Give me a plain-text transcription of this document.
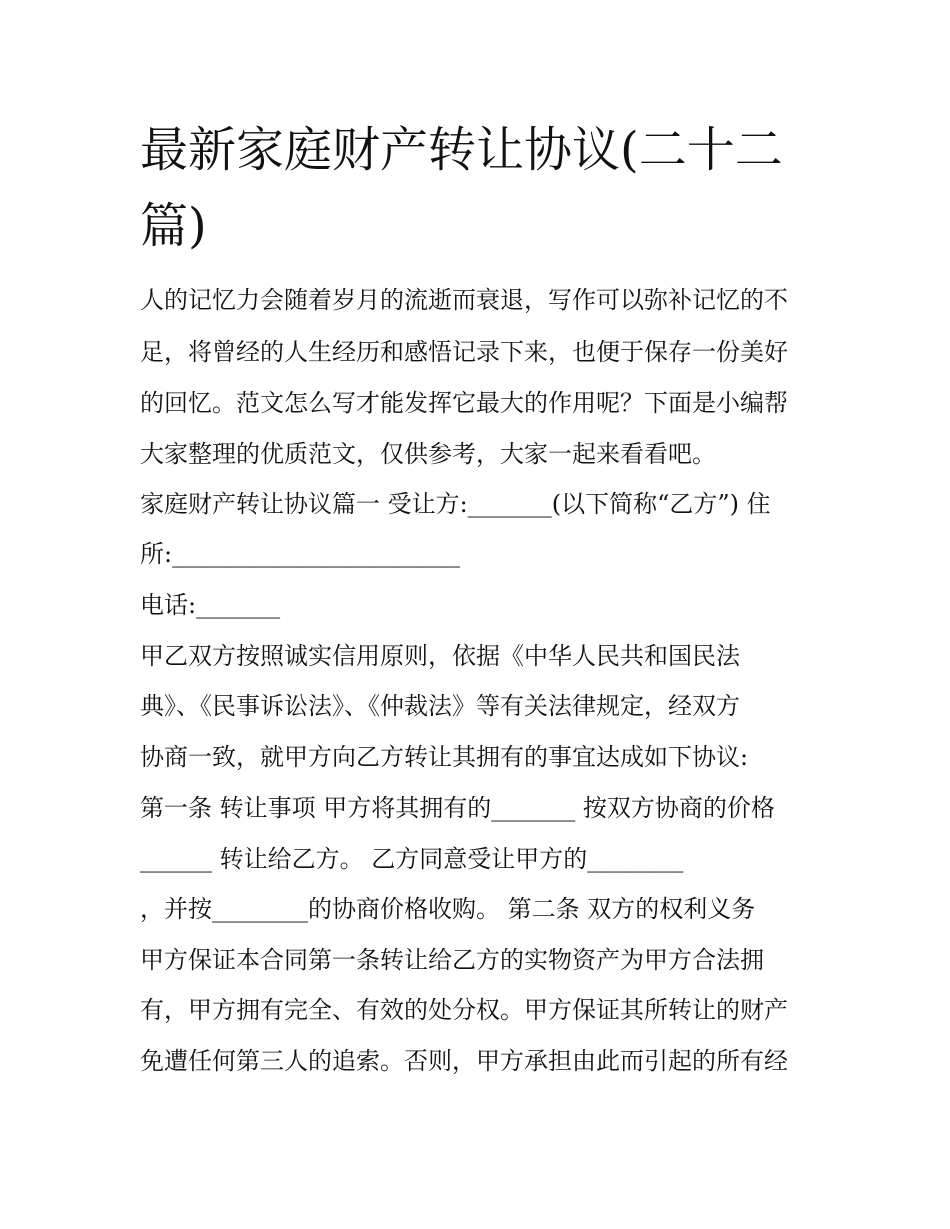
最新家庭财产转让协议(二十二篇)
人的记忆力会随着岁月的流逝而衰退，写作可以弥补记忆的不
足，将曾经的人生经历和感悟记录下来，也便于保存一份美好
的回忆。范文怎么写才能发挥它最大的作用呢？下面是小编帮
大家整理的优质范文，仅供参考，大家一起来看看吧。
家庭财产转让协议篇一 受让方:_______(以下简称“乙方”) 住
所:________________________
电话:_______
甲乙双方按照诚实信用原则，依据《中华人民共和国民法
典》、《民事诉讼法》、《仲裁法》等有关法律规定，经双方
协商一致，就甲方向乙方转让其拥有的事宜达成如下协议:
第一条 转让事项 甲方将其拥有的_______ 按双方协商的价格
______ 转让给乙方。 乙方同意受让甲方的________
，并按________的协商价格收购。 第二条 双方的权利义务
甲方保证本合同第一条转让给乙方的实物资产为甲方合法拥
有，甲方拥有完全、有效的处分权。甲方保证其所转让的财产
免遭任何第三人的追索。否则，甲方承担由此而引起的所有经
